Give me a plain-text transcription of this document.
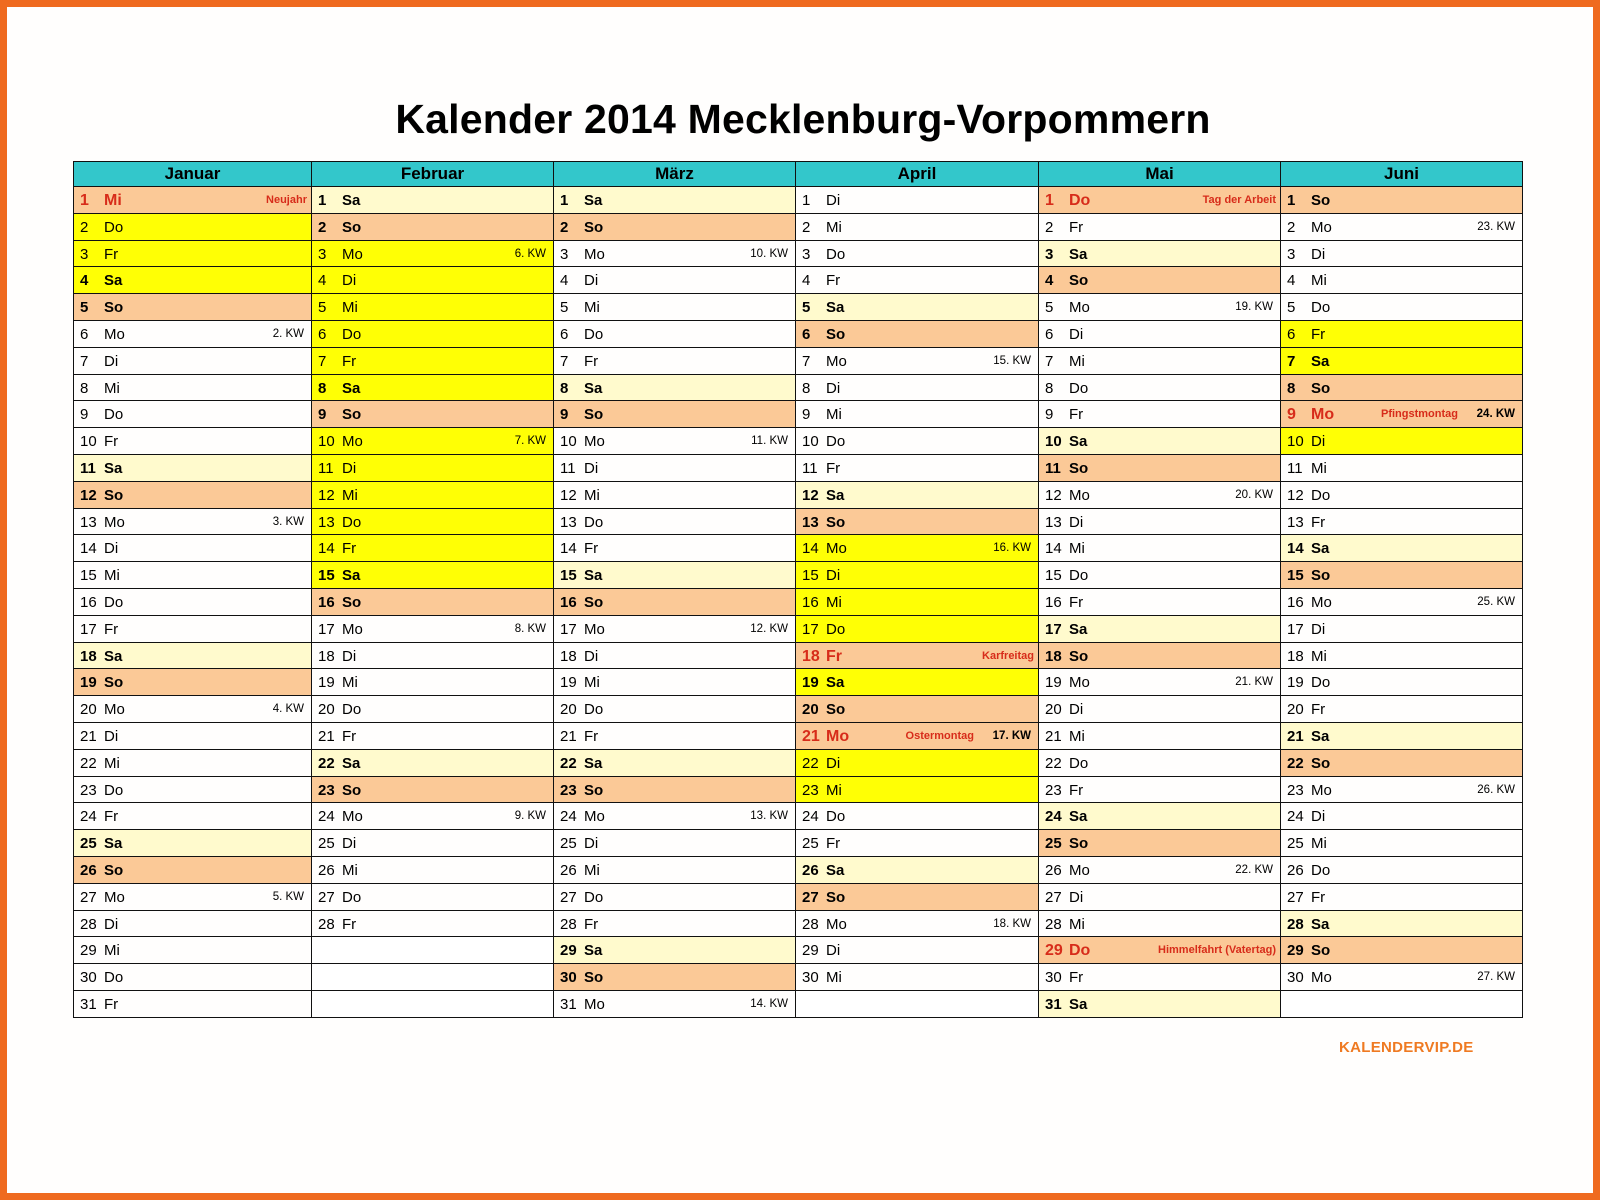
Kalender 2014 Mecklenburg-Vorpommern
Januar	Februar	März	April	Mai	Juni

1 Mi Neujahr	1 Sa	1 Sa	1 Di	1 Do Tag der Arbeit	1 So

2 Do	2 So	2 So	2 Mi	2 Fr	2 Mo 23. KW

3 Fr	3 Mo 6. KW	3 Mo 10. KW	3 Do	3 Sa	3 Di

4 Sa	4 Di	4 Di	4 Fr	4 So	4 Mi

5 So	5 Mi	5 Mi	5 Sa	5 Mo 19. KW	5 Do

6 Mo 2. KW	6 Do	6 Do	6 So	6 Di	6 Fr

7 Di	7 Fr	7 Fr	7 Mo 15. KW	7 Mi	7 Sa

8 Mi	8 Sa	8 Sa	8 Di	8 Do	8 So

9 Do	9 So	9 So	9 Mi	9 Fr	9 Mo Pfingstmontag 24. KW

10 Fr	10 Mo 7. KW	10 Mo 11. KW	10 Do	10 Sa	10 Di

11 Sa	11 Di	11 Di	11 Fr	11 So	11 Mi

12 So	12 Mi	12 Mi	12 Sa	12 Mo 20. KW	12 Do

13 Mo 3. KW	13 Do	13 Do	13 So	13 Di	13 Fr

14 Di	14 Fr	14 Fr	14 Mo 16. KW	14 Mi	14 Sa

15 Mi	15 Sa	15 Sa	15 Di	15 Do	15 So

16 Do	16 So	16 So	16 Mi	16 Fr	16 Mo 25. KW

17 Fr	17 Mo 8. KW	17 Mo 12. KW	17 Do	17 Sa	17 Di

18 Sa	18 Di	18 Di	18 Fr Karfreitag	18 So	18 Mi

19 So	19 Mi	19 Mi	19 Sa	19 Mo 21. KW	19 Do

20 Mo 4. KW	20 Do	20 Do	20 So	20 Di	20 Fr

21 Di	21 Fr	21 Fr	21 Mo Ostermontag 17. KW	21 Mi	21 Sa

22 Mi	22 Sa	22 Sa	22 Di	22 Do	22 So

23 Do	23 So	23 So	23 Mi	23 Fr	23 Mo 26. KW

24 Fr	24 Mo 9. KW	24 Mo 13. KW	24 Do	24 Sa	24 Di

25 Sa	25 Di	25 Di	25 Fr	25 So	25 Mi

26 So	26 Mi	26 Mi	26 Sa	26 Mo 22. KW	26 Do

27 Mo 5. KW	27 Do	27 Do	27 So	27 Di	27 Fr

28 Di	28 Fr	28 Fr	28 Mo 18. KW	28 Mi	28 Sa

29 Mi		29 Sa	29 Di	29 Do Himmelfahrt (Vatertag)	29 So

30 Do		30 So	30 Mi	30 Fr	30 Mo 27. KW

31 Fr		31 Mo 14. KW		31 Sa	

KALENDERVIP.DE
